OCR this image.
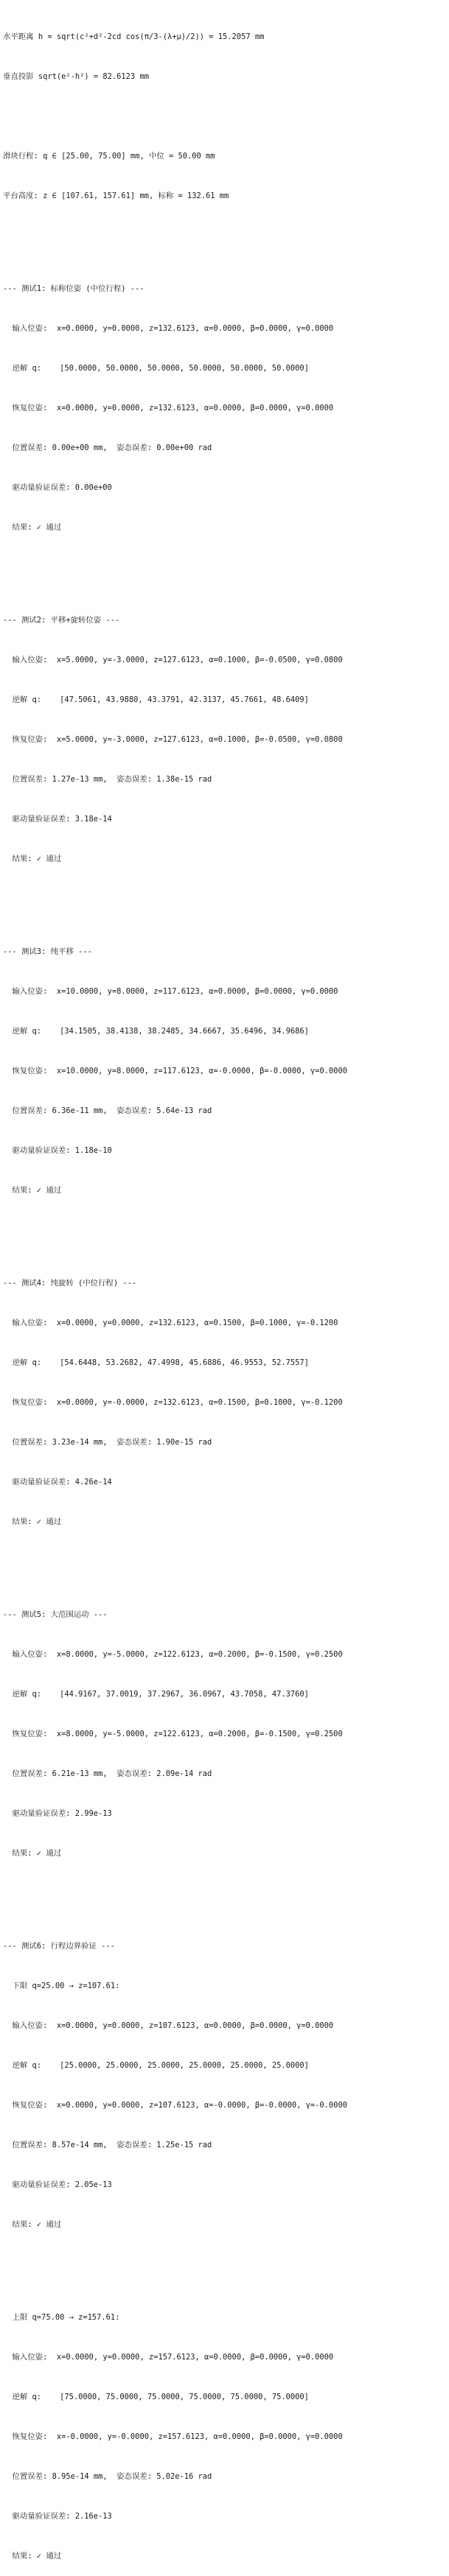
水平距离 h = sqrt(c²+d²-2cd cos(π/3-(λ+μ)/2)) = 15.2057 mm

垂直投影 sqrt(e²-h²) = 82.6123 mm

滑块行程: q ∈ [25.00, 75.00] mm, 中位 = 50.00 mm

平台高度: z ∈ [107.61, 157.61] mm, 标称 = 132.61 mm

--- 测试1: 标称位姿 (中位行程) ---

输入位姿:  x=0.0000, y=0.0000, z=132.6123, α=0.0000, β=0.0000, γ=0.0000

逆解 q:    [50.0000, 50.0000, 50.0000, 50.0000, 50.0000, 50.0000]

恢复位姿:  x=0.0000, y=0.0000, z=132.6123, α=0.0000, β=0.0000, γ=0.0000

位置误差: 0.00e+00 mm,  姿态误差: 0.00e+00 rad

驱动量验证误差: 0.00e+00

结果: ✓ 通过

--- 测试2: 平移+旋转位姿 ---

输入位姿:  x=5.0000, y=-3.0000, z=127.6123, α=0.1000, β=-0.0500, γ=0.0800

逆解 q:    [47.5061, 43.9880, 43.3791, 42.3137, 45.7661, 48.6409]

恢复位姿:  x=5.0000, y=-3.0000, z=127.6123, α=0.1000, β=-0.0500, γ=0.0800

位置误差: 1.27e-13 mm,  姿态误差: 1.38e-15 rad

驱动量验证误差: 3.18e-14

结果: ✓ 通过

--- 测试3: 纯平移 ---

输入位姿:  x=10.0000, y=8.0000, z=117.6123, α=0.0000, β=0.0000, γ=0.0000

逆解 q:    [34.1505, 38.4138, 38.2485, 34.6667, 35.6496, 34.9686]

恢复位姿:  x=10.0000, y=8.0000, z=117.6123, α=-0.0000, β=-0.0000, γ=0.0000

位置误差: 6.36e-11 mm,  姿态误差: 5.64e-13 rad

驱动量验证误差: 1.18e-10

结果: ✓ 通过

--- 测试4: 纯旋转 (中位行程) ---

输入位姿:  x=0.0000, y=0.0000, z=132.6123, α=0.1500, β=0.1000, γ=-0.1200

逆解 q:    [54.6448, 53.2682, 47.4998, 45.6886, 46.9553, 52.7557]

恢复位姿:  x=0.0000, y=-0.0000, z=132.6123, α=0.1500, β=0.1000, γ=-0.1200

位置误差: 3.23e-14 mm,  姿态误差: 1.90e-15 rad

驱动量验证误差: 4.26e-14

结果: ✓ 通过

--- 测试5: 大范围运动 ---

输入位姿:  x=8.0000, y=-5.0000, z=122.6123, α=0.2000, β=-0.1500, γ=0.2500

逆解 q:    [44.9167, 37.0019, 37.2967, 36.0967, 43.7058, 47.3760]

恢复位姿:  x=8.0000, y=-5.0000, z=122.6123, α=0.2000, β=-0.1500, γ=0.2500

位置误差: 6.21e-13 mm,  姿态误差: 2.09e-14 rad

驱动量验证误差: 2.99e-13

结果: ✓ 通过

--- 测试6: 行程边界验证 ---

下限 q=25.00 → z=107.61:

输入位姿:  x=0.0000, y=0.0000, z=107.6123, α=0.0000, β=0.0000, γ=0.0000

逆解 q:    [25.0000, 25.0000, 25.0000, 25.0000, 25.0000, 25.0000]

恢复位姿:  x=0.0000, y=0.0000, z=107.6123, α=-0.0000, β=-0.0000, γ=-0.0000

位置误差: 8.57e-14 mm,  姿态误差: 1.25e-15 rad

驱动量验证误差: 2.05e-13

结果: ✓ 通过

上限 q=75.00 → z=157.61:

输入位姿:  x=0.0000, y=0.0000, z=157.6123, α=0.0000, β=0.0000, γ=0.0000

逆解 q:    [75.0000, 75.0000, 75.0000, 75.0000, 75.0000, 75.0000]

恢复位姿:  x=-0.0000, y=-0.0000, z=157.6123, α=0.0000, β=0.0000, γ=0.0000

位置误差: 8.95e-14 mm,  姿态误差: 5.02e-16 rad

驱动量验证误差: 2.16e-13

结果: ✓ 通过
